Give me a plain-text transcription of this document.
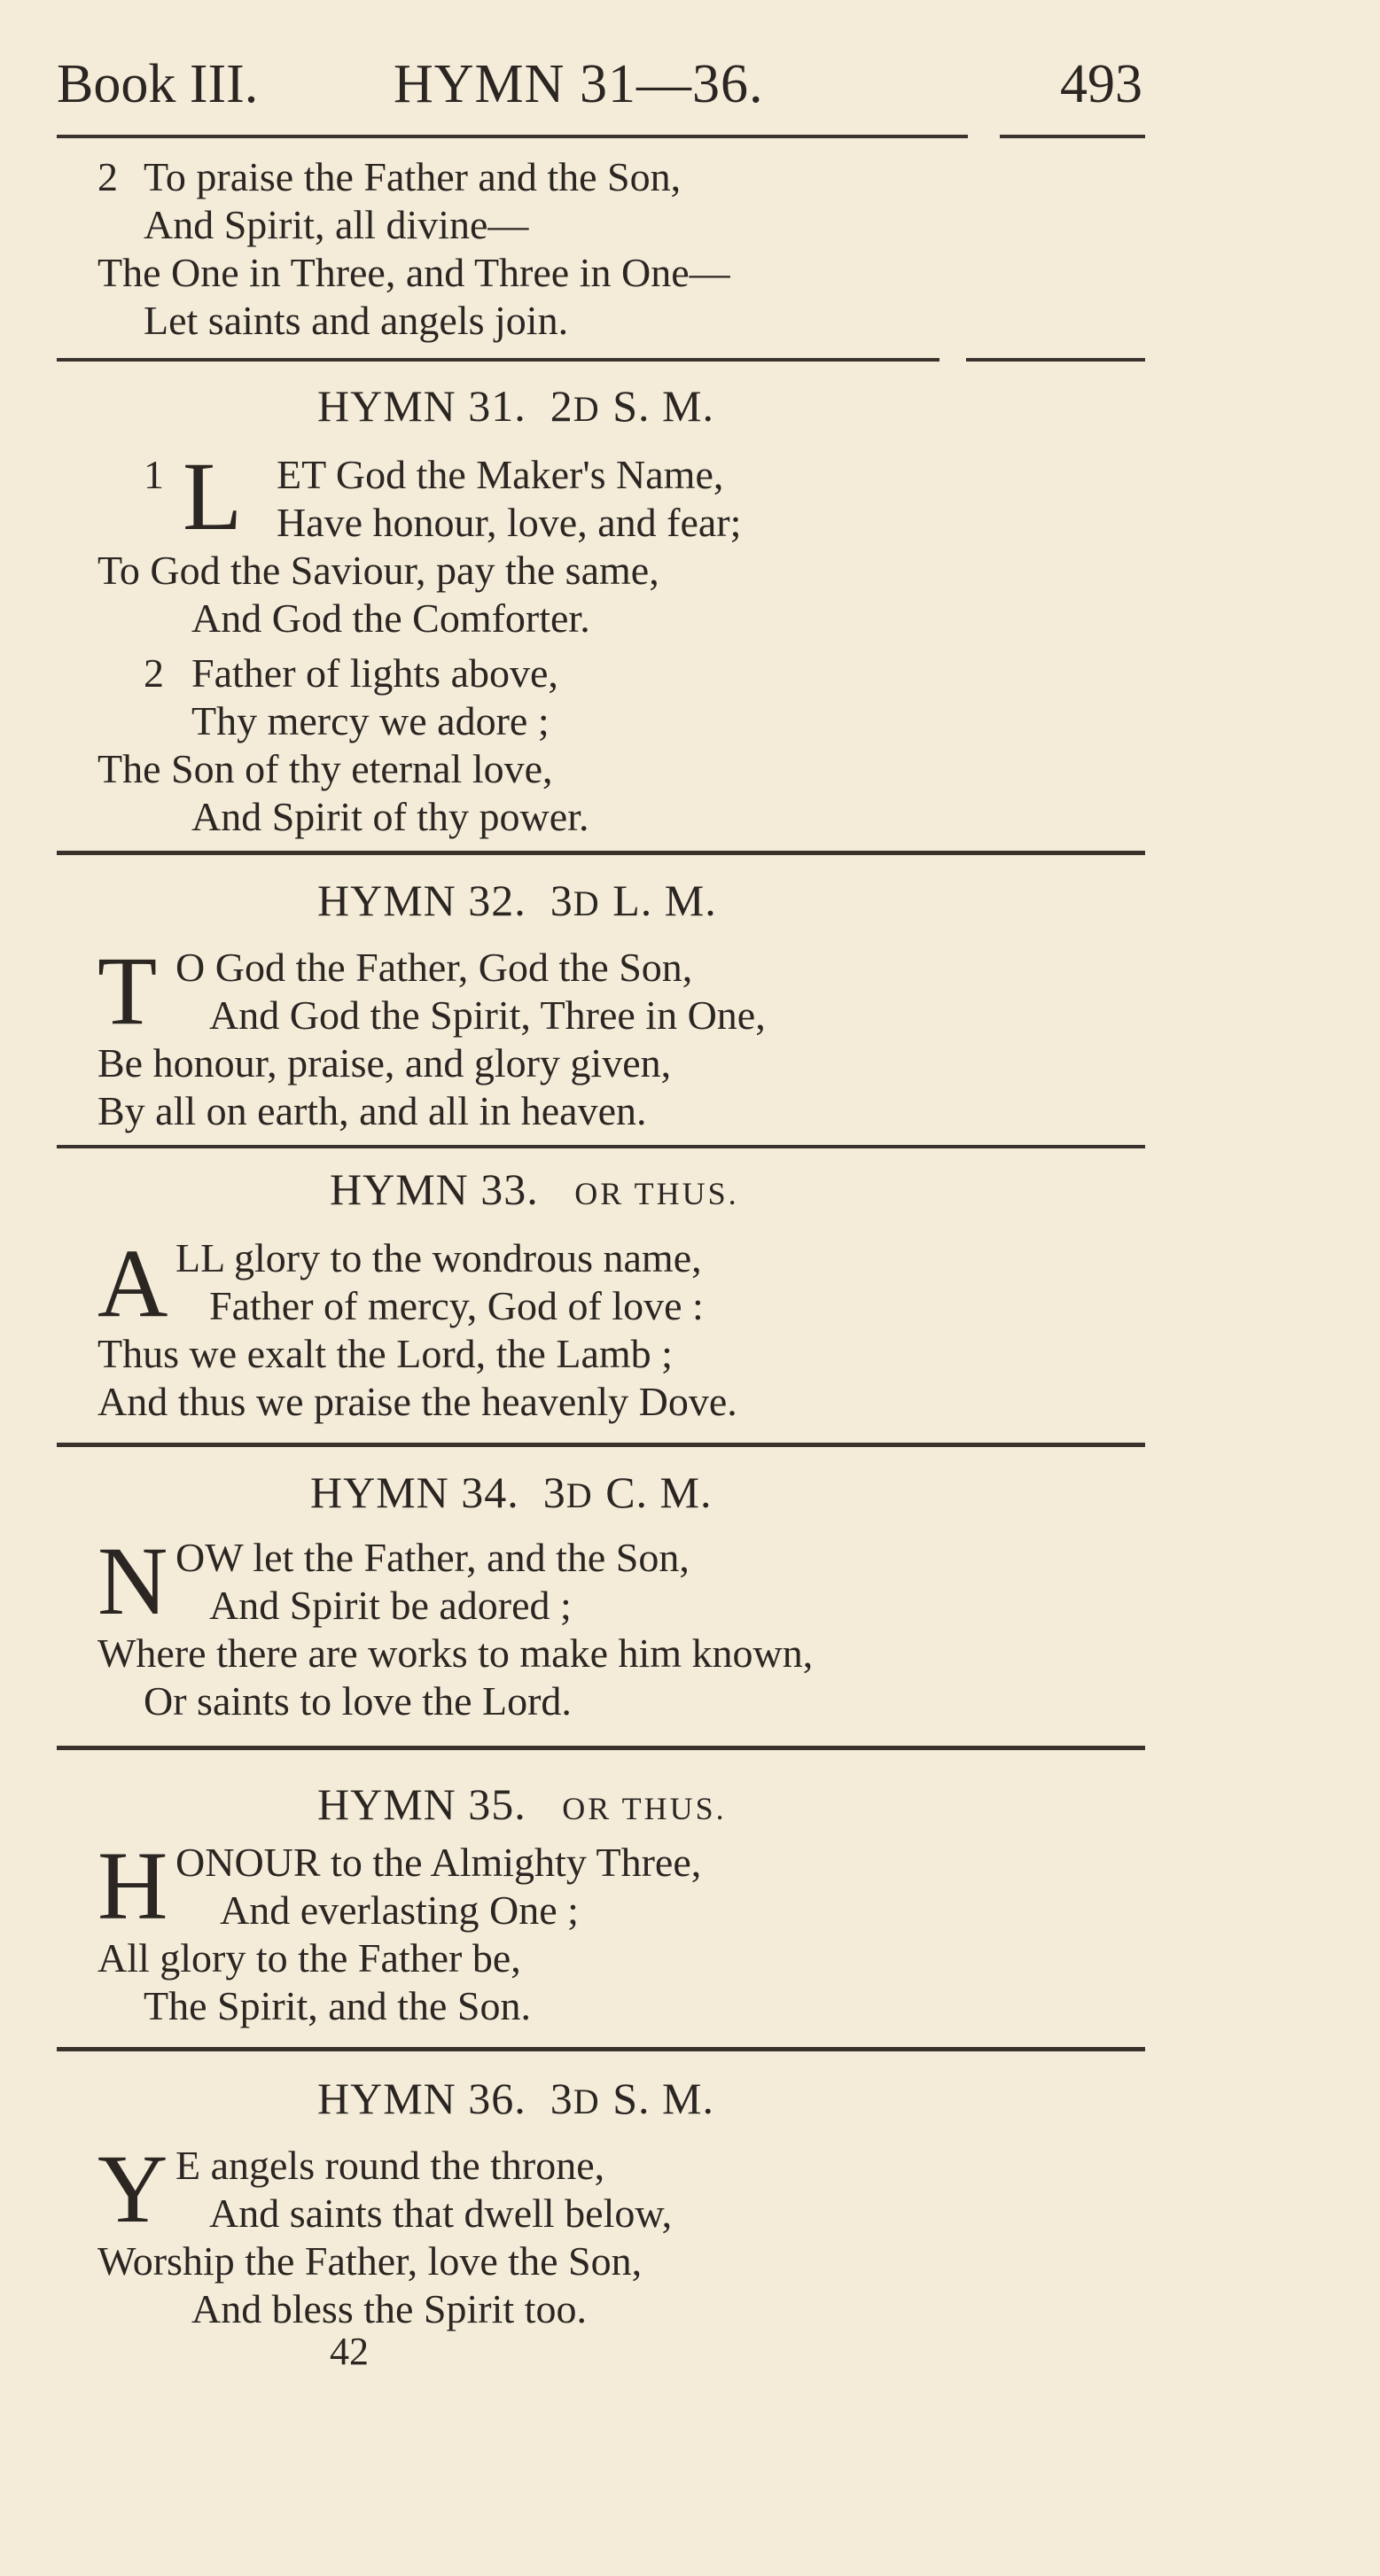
Book III. HYMN 31—36.	493
2 To praise the Father and the Son,
And Spirit, all divine—
The One in Three, and Three in One—
Let saints and angels join.
HYMN 31. 2D S. M.
1 L ET God the Maker's Name,
Have honour, love, and fear;
To God the Saviour, pay the same,
And God the Comforter.
2 Father of lights above,
Thy mercy we adore ;
The Son of thy eternal love,
And Spirit of thy power.
HYMN 32. 3D L. M.
T O God the Father, God the Son,
And God the Spirit, Three in One,
Be honour, praise, and glory given,
By all on earth, and all in heaven.
HYMN 33. OR THUS.
A LL glory to the wondrous name,
Father of mercy, God of love :
Thus we exalt the Lord, the Lamb ;
And thus we praise the heavenly Dove.
HYMN 34. 3D C. M.
N OW let the Father, and the Son,
And Spirit be adored ;
Where there are works to make him known,
Or saints to love the Lord.
HYMN 35. OR THUS.
H ONOUR to the Almighty Three,
And everlasting One ;
All glory to the Father be,
The Spirit, and the Son.
HYMN 36. 3D S. M.
Y E angels round the throne,
And saints that dwell below,
Worship the Father, love the Son,
And bless the Spirit too.
42
